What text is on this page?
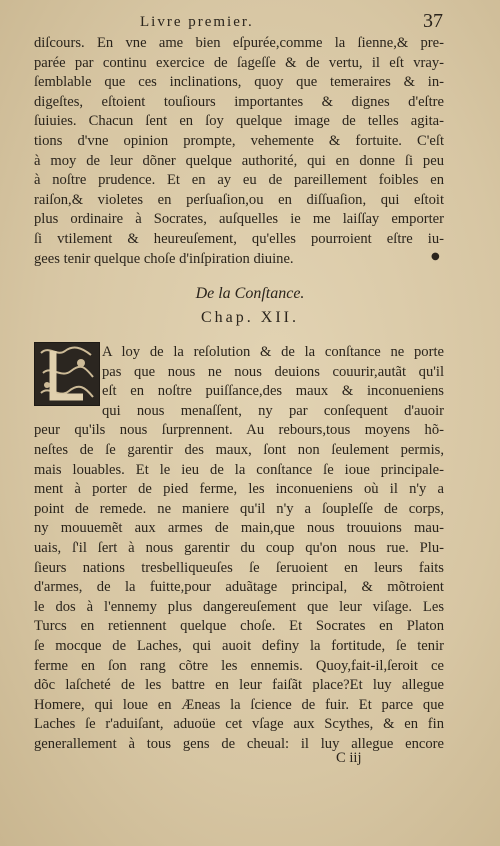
Livre premier.	37
diſcours. En vne ame bien eſpurée,comme la ſienne,& pre-
parée par continu exercice de ſageſſe & de vertu, il eſt vray-
ſemblable que ces inclinations, quoy que temeraires & in-
digeſtes, eſtoient touſiours importantes & dignes d'eſtre
ſuiuies. Chacun ſent en ſoy quelque image de telles agita-
tions d'vne opinion prompte, vehemente & fortuite. C'eſt
à moy de leur dõner quelque authorité, qui en donne ſi peu
à noſtre prudence. Et en ay eu de pareillement foibles en
raiſon,& violetes en perſuaſion,ou en diſſuaſion, qui eſtoit
plus ordinaire à Socrates, auſquelles ie me laiſſay emporter
ſi vtilement & heureuſement, qu'elles pourroient eſtre iu-
gees tenir quelque choſe d'inſpiration diuine.	●
De la Conſtance.
Chap. XII.
A loy de la reſolution & de la conſtance ne porte
pas que nous ne nous deuions couurir,autãt qu'il
eſt en noſtre puiſſance,des maux & inconueniens
qui nous menaſſent, ny par conſequent d'auoir
peur qu'ils nous ſurprennent. Au rebours,tous moyens hõ-
neſtes de ſe garentir des maux, ſont non ſeulement permis,
mais louables. Et le ieu de la conſtance ſe ioue principale-
ment à porter de pied ferme, les inconueniens où il n'y a
point de remede. ne maniere qu'il n'y a ſoupleſſe de corps,
ny mouuemẽt aux armes de main,que nous trouuions mau-
uais, ſ'il ſert à nous garentir du coup qu'on nous rue. Plu-
ſieurs nations tresbelliqueuſes ſe ſeruoient en leurs faits
d'armes, de la fuitte,pour aduãtage principal, & mõtroient
le dos à l'ennemy plus dangereuſement que leur viſage. Les
Turcs en retiennent quelque choſe. Et Socrates en Platon
ſe mocque de Laches, qui auoit definy la fortitude, ſe tenir
ferme en ſon rang cõtre les ennemis. Quoy,fait-il,ſeroit ce
dõc laſcheté de les battre en leur faiſãt place?Et luy allegue
Homere, qui loue en Æneas la ſcience de fuir. Et parce que
Laches ſe r'aduiſant, aduoüe cet vſage aux Scythes, & en fin
generallement à tous gens de cheual: il luy allegue encore
C iij
